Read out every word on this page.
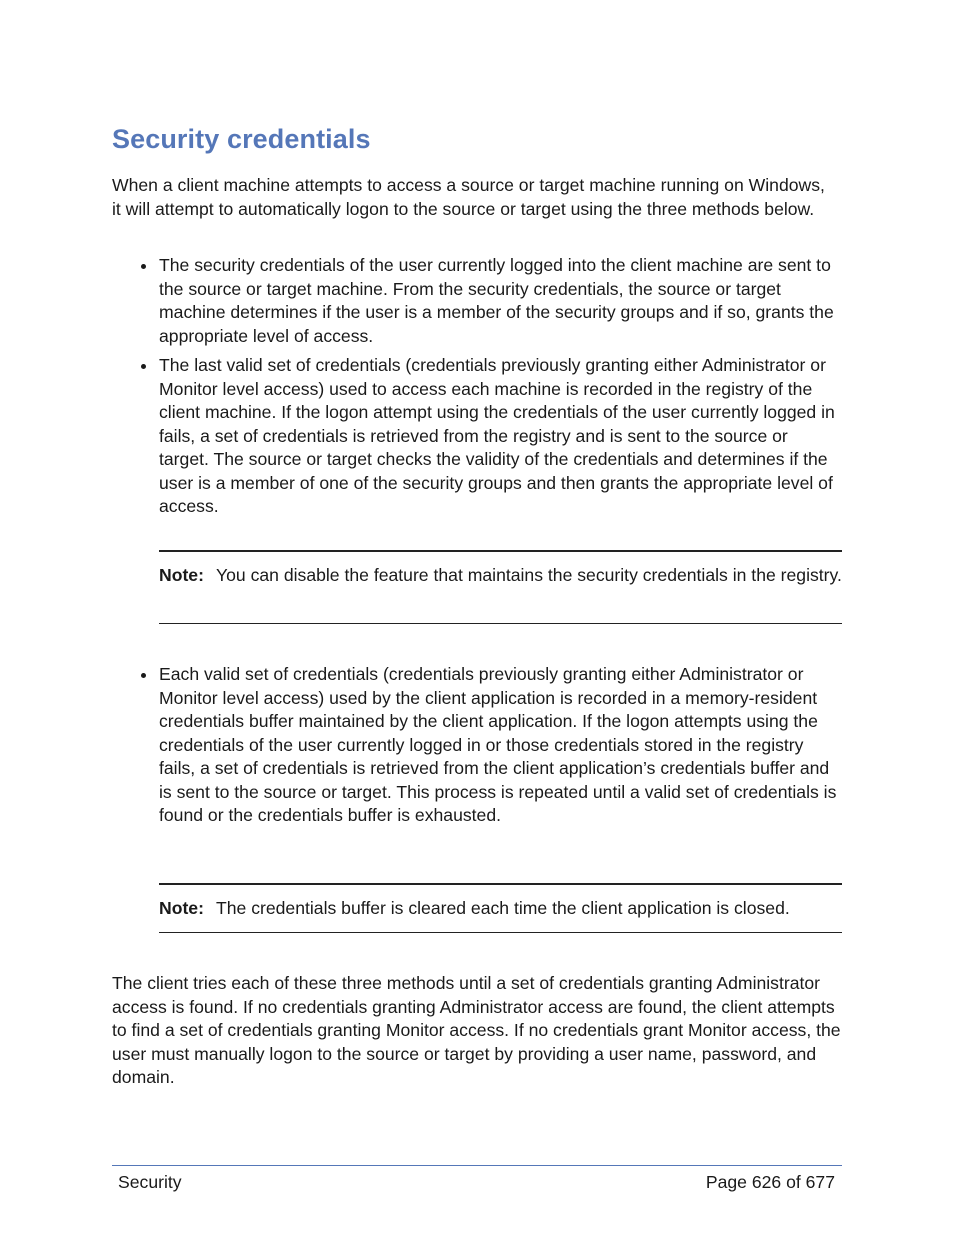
Security credentials

When a client machine attempts to access a source or target machine running on Windows, it will attempt to automatically logon to the source or target using the three methods below.

The security credentials of the user currently logged into the client machine are sent to the source or target machine. From the security credentials, the source or target machine determines if the user is a member of the security groups and if so, grants the appropriate level of access.
The last valid set of credentials (credentials previously granting either Administrator or Monitor level access) used to access each machine is recorded in the registry of the client machine. If the logon attempt using the credentials of the user currently logged in fails, a set of credentials is retrieved from the registry and is sent to the source or target. The source or target checks the validity of the credentials and determines if the user is a member of one of the security groups and then grants the appropriate level of access.
Note: You can disable the feature that maintains the security credentials in the registry.
Each valid set of credentials (credentials previously granting either Administrator or Monitor level access) used by the client application is recorded in a memory-resident credentials buffer maintained by the client application. If the logon attempts using the credentials of the user currently logged in or those credentials stored in the registry fails, a set of credentials is retrieved from the client application’s credentials buffer and is sent to the source or target. This process is repeated until a valid set of credentials is found or the credentials buffer is exhausted.
Note: The credentials buffer is cleared each time the client application is closed.

The client tries each of these three methods until a set of credentials granting Administrator access is found. If no credentials granting Administrator access are found, the client attempts to find a set of credentials granting Monitor access. If no credentials grant Monitor access, the user must manually logon to the source or target by providing a user name, password, and domain.

Security	Page 626 of 677
